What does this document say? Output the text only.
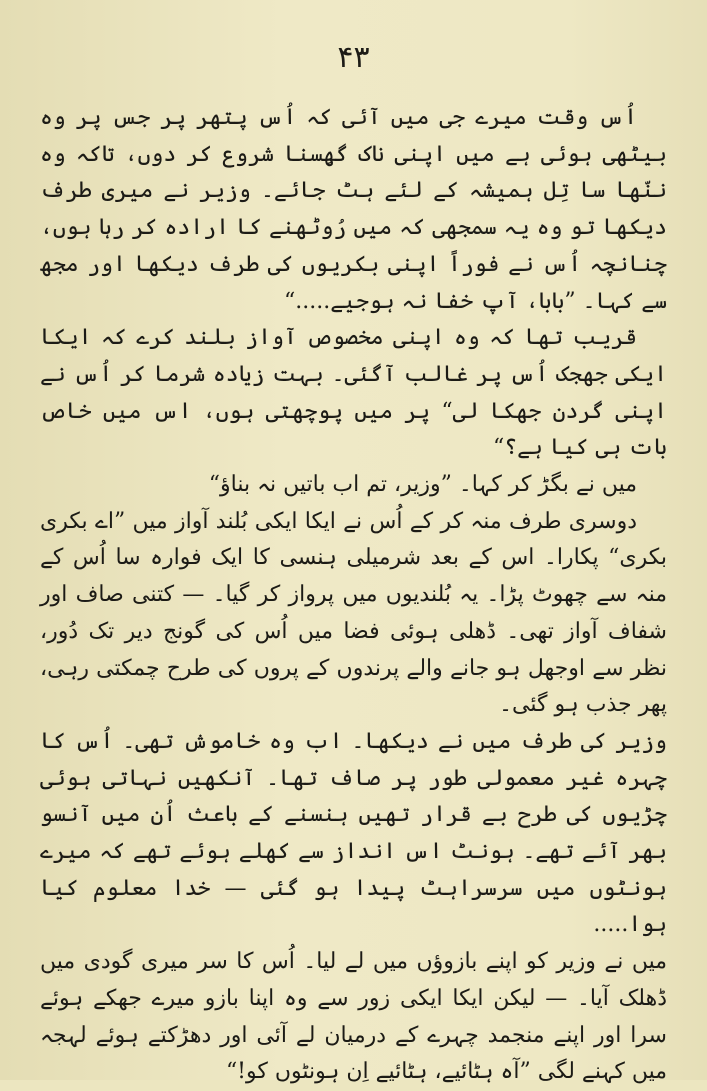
۴۳

اُس وقت میرے جی میں آئی کہ اُس پتھر پر جس پر وہ بیٹھی ہوئی ہے میں اپنی ناک گھِسنا شروع کر دوں، تاکہ وہ ننّھا سا تِل ہمیشہ کے لئے ہٹ جائے۔ وزیر نے میری طرف دیکھا تو وہ یہ سمجھی کہ میں رُوٹھنے کا ارادہ کر رہا ہوں، چنانچہ اُس نے فوراً اپنی بکریوں کی طرف دیکھا اور مجھ سے کہا۔ ”بابا، آپ خفا نہ ہوجیے.....“

قریب تھا کہ وہ اپنی مخصوص آواز بلند کرے کہ ایکا ایکی جھجک اُس پر غالب آگئی۔ بہت زیادہ شرما کر اُس نے اپنی گردن جھکا لی“ پر میں پوچھتی ہوں، اس میں خاص بات ہی کیا ہے؟“

میں نے بگڑ کر کہا۔ ”وزیر، تم اب باتیں نہ بناؤ“

دوسری طرف منہ کر کے اُس نے ایکا ایکی بُلند آواز میں ”اے بکری بکری“ پکارا۔ اس کے بعد شرمیلی ہنسی کا ایک فوارہ سا اُس کے منہ سے چھوٹ پڑا۔ یہ بُلندیوں میں پرواز کر گیا۔ — کتنی صاف اور شفاف آواز تھی۔ ڈھلی ہوئی فضا میں اُس کی گونج دیر تک دُور، نظر سے اوجھل ہو جانے والے پرندوں کے پروں کی طرح چمکتی رہی، پھر جذب ہو گئی۔

وزیر کی طرف میں نے دیکھا۔ اب وہ خاموش تھی۔ اُس کا چہرہ غیر معمولی طور پر صاف تھا۔ آنکھیں نہاتی ہوئی چڑیوں کی طرح بے قرار تھیں ہنسنے کے باعث اُن میں آنسو بھر آئے تھے۔ ہونٹ اس انداز سے کھلے ہوئے تھے کہ میرے ہونٹوں میں سرسراہٹ پیدا ہو گئی — خدا معلوم کیا ہوا.....

میں نے وزیر کو اپنے بازوؤں میں لے لیا۔ اُس کا سر میری گودی میں ڈھلک آیا۔ — لیکن ایکا ایکی زور سے وہ اپنا بازو میرے جھکے ہوئے سرا اور اپنے منجمد چہرے کے درمیان لے آئی اور دھڑکتے ہوئے لہجہ میں کہنے لگی ”آہ ہٹائیے، ہٹائیے اِن ہونٹوں کو!“
